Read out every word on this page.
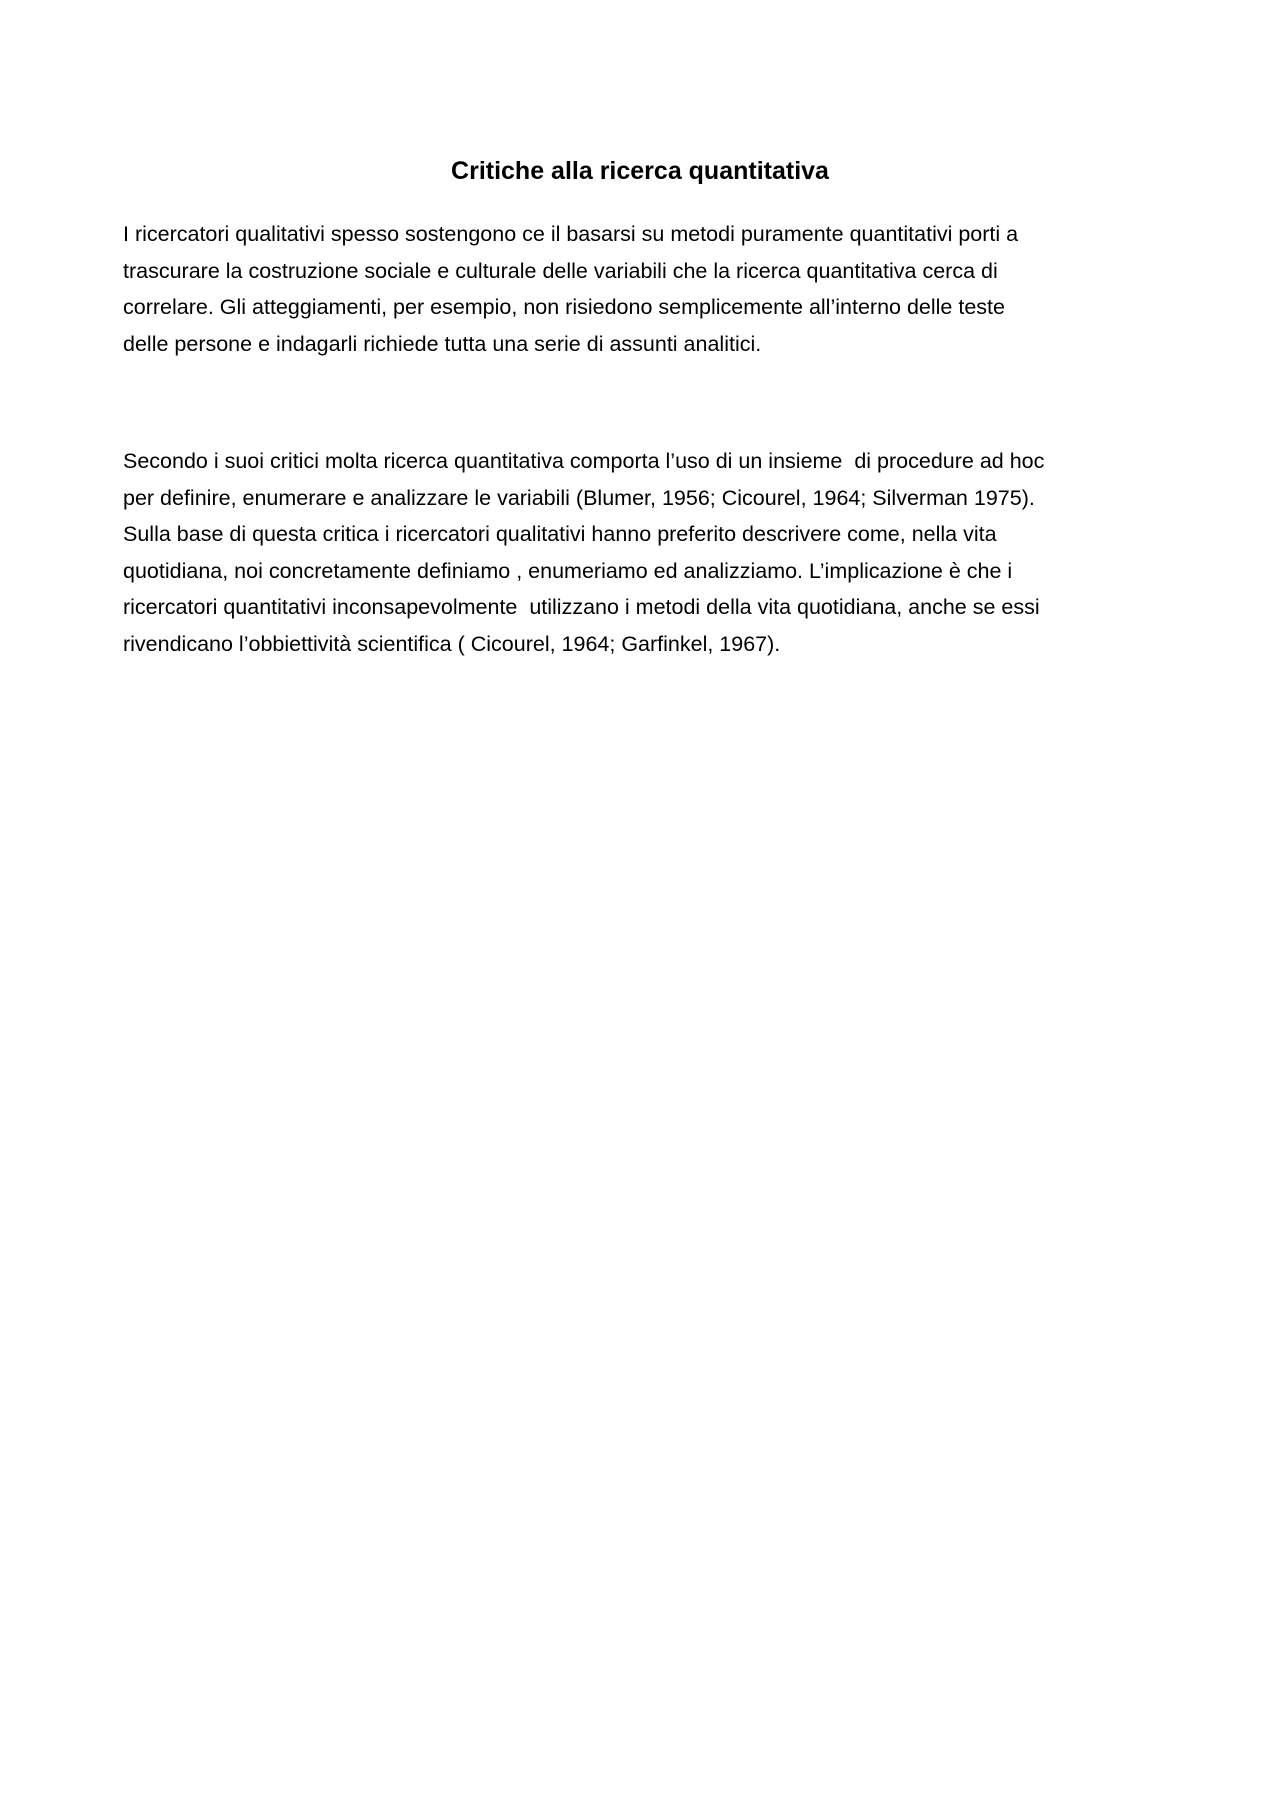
Critiche alla ricerca quantitativa

I ricercatori qualitativi spesso sostengono ce il basarsi su metodi puramente quantitativi porti a
trascurare la costruzione sociale e culturale delle variabili che la ricerca quantitativa cerca di
correlare. Gli atteggiamenti, per esempio, non risiedono semplicemente all’interno delle teste
delle persone e indagarli richiede tutta una serie di assunti analitici.

Secondo i suoi critici molta ricerca quantitativa comporta l’uso di un insieme  di procedure ad hoc
per definire, enumerare e analizzare le variabili (Blumer, 1956; Cicourel, 1964; Silverman 1975).
Sulla base di questa critica i ricercatori qualitativi hanno preferito descrivere come, nella vita
quotidiana, noi concretamente definiamo , enumeriamo ed analizziamo. L’implicazione è che i
ricercatori quantitativi inconsapevolmente  utilizzano i metodi della vita quotidiana, anche se essi
rivendicano l’obbiettività scientifica ( Cicourel, 1964; Garfinkel, 1967).
